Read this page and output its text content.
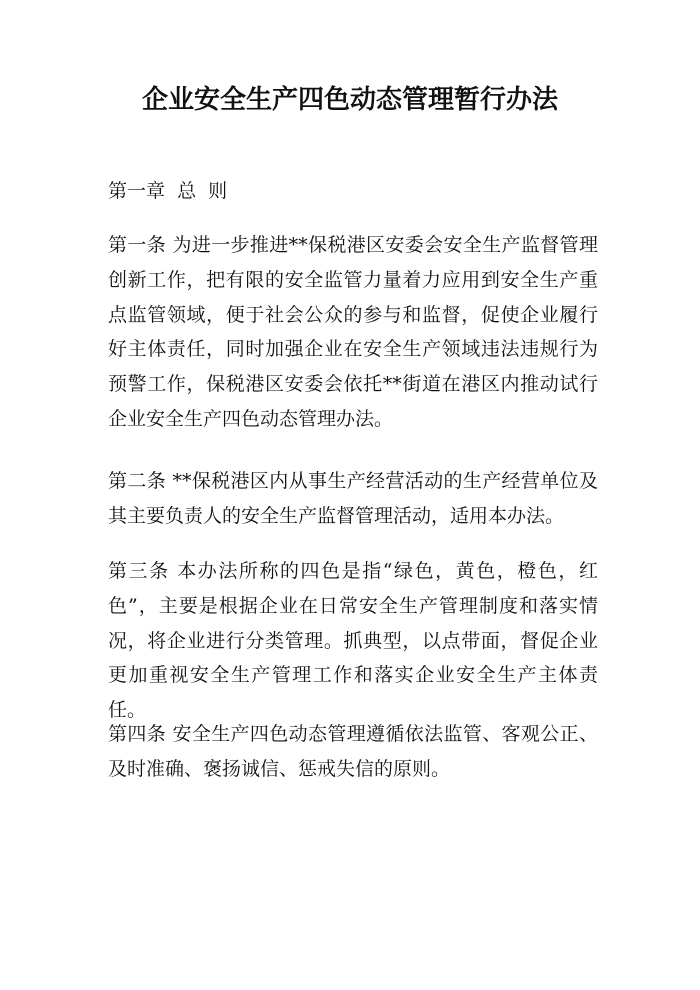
企业安全生产四色动态管理暂行办法

第一章  总  则

第一条 为进一步推进**保税港区安委会安全生产监督管理创新工作，把有限的安全监管力量着力应用到安全生产重点监管领域，便于社会公众的参与和监督，促使企业履行好主体责任，同时加强企业在安全生产领域违法违规行为预警工作，保税港区安委会依托**街道在港区内推动试行企业安全生产四色动态管理办法。

第二条 **保税港区内从事生产经营活动的生产经营单位及其主要负责人的安全生产监督管理活动，适用本办法。

第三条 本办法所称的四色是指“绿色，黄色，橙色，红色”，主要是根据企业在日常安全生产管理制度和落实情况，将企业进行分类管理。抓典型，以点带面，督促企业更加重视安全生产管理工作和落实企业安全生产主体责任。

第四条 安全生产四色动态管理遵循依法监管、客观公正、及时准确、褒扬诚信、惩戒失信的原则。
